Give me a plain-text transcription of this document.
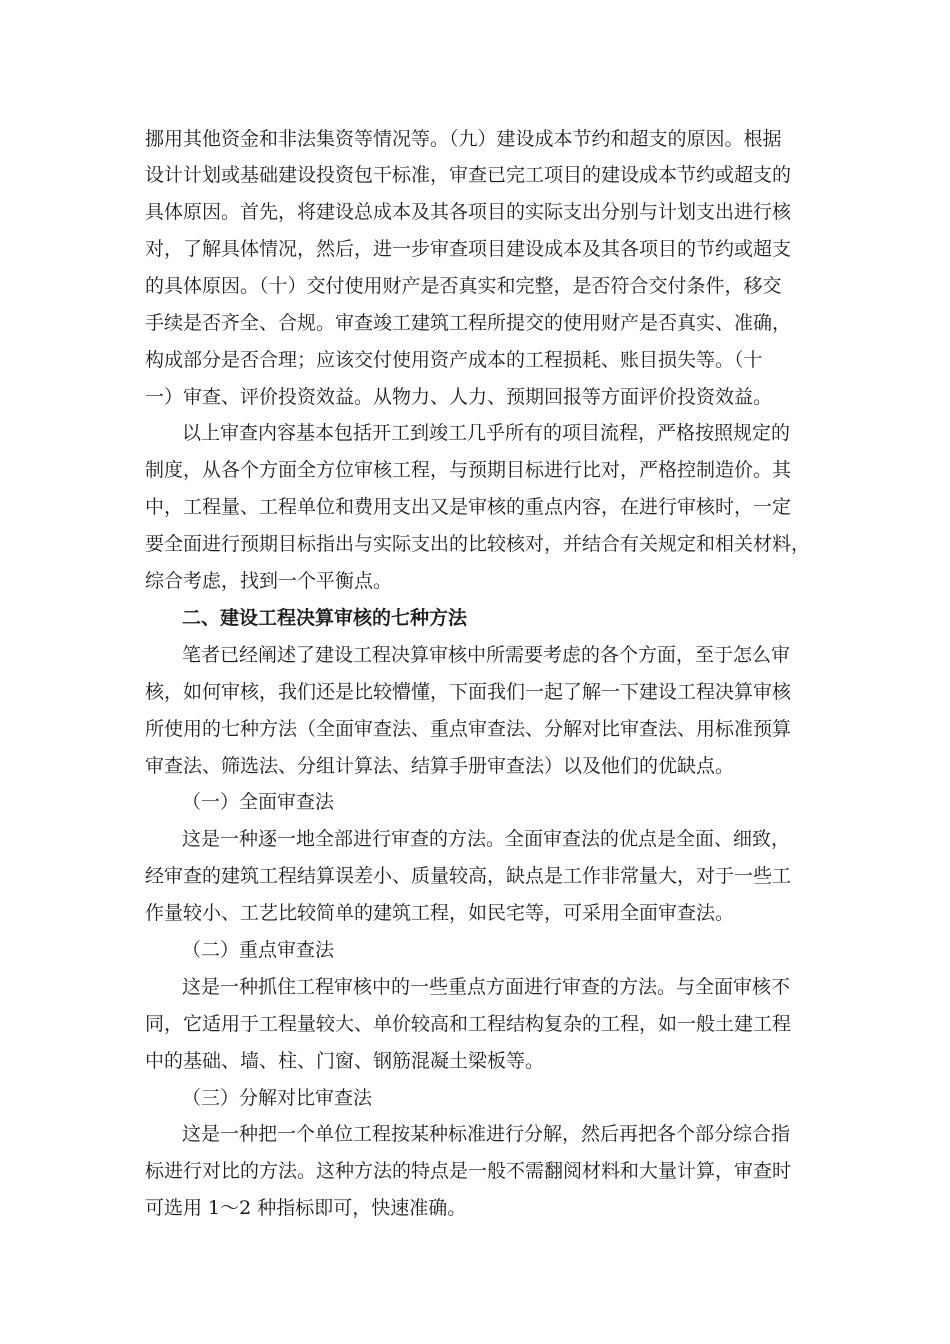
挪用其他资金和非法集资等情况等。（九）建设成本节约和超支的原因。根据
设计计划或基础建设投资包干标准，审查已完工项目的建设成本节约或超支的
具体原因。首先，将建设总成本及其各项目的实际支出分别与计划支出进行核
对，了解具体情况，然后，进一步审查项目建设成本及其各项目的节约或超支
的具体原因。（十）交付使用财产是否真实和完整，是否符合交付条件，移交
手续是否齐全、合规。审查竣工建筑工程所提交的使用财产是否真实、准确，
构成部分是否合理；应该交付使用资产成本的工程损耗、账目损失等。（十
一）审查、评价投资效益。从物力、人力、预期回报等方面评价投资效益。
以上审查内容基本包括开工到竣工几乎所有的项目流程，严格按照规定的
制度，从各个方面全方位审核工程，与预期目标进行比对，严格控制造价。其
中，工程量、工程单位和费用支出又是审核的重点内容，在进行审核时，一定
要全面进行预期目标指出与实际支出的比较核对，并结合有关规定和相关材料，
综合考虑，找到一个平衡点。
二、建设工程决算审核的七种方法
笔者已经阐述了建设工程决算审核中所需要考虑的各个方面，至于怎么审
核，如何审核，我们还是比较懵懂，下面我们一起了解一下建设工程决算审核
所使用的七种方法（全面审查法、重点审查法、分解对比审查法、用标准预算
审查法、筛选法、分组计算法、结算手册审查法）以及他们的优缺点。
（一）全面审查法
这是一种逐一地全部进行审查的方法。全面审查法的优点是全面、细致，
经审查的建筑工程结算误差小、质量较高，缺点是工作非常量大，对于一些工
作量较小、工艺比较简单的建筑工程，如民宅等，可采用全面审查法。
（二）重点审查法
这是一种抓住工程审核中的一些重点方面进行审查的方法。与全面审核不
同，它适用于工程量较大、单价较高和工程结构复杂的工程，如一般土建工程
中的基础、墙、柱、门窗、钢筋混凝土梁板等。
（三）分解对比审查法
这是一种把一个单位工程按某种标准进行分解，然后再把各个部分综合指
标进行对比的方法。这种方法的特点是一般不需翻阅材料和大量计算，审查时
可选用 1～2 种指标即可，快速准确。
